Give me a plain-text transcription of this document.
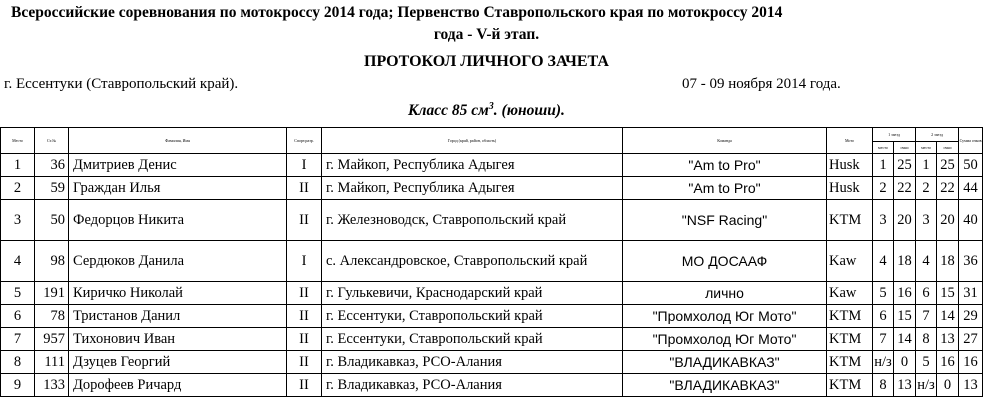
Всероссийские соревнования по мотокроссу 2014 года; Первенство Ставропольского края по мотокроссу 2014
года - V-й этап.
ПРОТОКОЛ ЛИЧНОГО ЗАЧЕТА
г. Ессентуки (Ставропольский край).	07 - 09 ноября 2014 года.
Класс 85 $см^3$. (юноши).
Место	Ст.№	Фамилия, Имя	Спорт.разр.	Город (край, район, область)	Команда	Мото	1 заезд		2 заезд		Сумма очков
							место	очки	место	очки	
1	36	Дмитриев Денис	I	г. Майкоп, Республика Адыгея	"Am to Pro"	Husk	1	25	1	25	50
2	59	Граждан Илья	II	г. Майкоп, Республика Адыгея	"Am to Pro"	Husk	2	22	2	22	44
3	50	Федорцов Никита	II	г. Железноводск, Ставропольский край	"NSF Racing"	KTM	3	20	3	20	40
4	98	Сердюков Данила	I	с. Александровское, Ставропольский край	МО ДОСААФ	Kaw	4	18	4	18	36
5	191	Киричко Николай	II	г. Гулькевичи, Краснодарский край	лично	Kaw	5	16	6	15	31
6	78	Тристанов Данил	II	г. Ессентуки, Ставропольский край	"Промхолод Юг Мото"	KTM	6	15	7	14	29
7	957	Тихонович Иван	II	г. Ессентуки, Ставропольский край	"Промхолод Юг Мото"	KTM	7	14	8	13	27
8	111	Дзуцев Георгий	II	г. Владикавказ, РСО-Алания	"ВЛАДИКАВКАЗ"	KTM	н/з	0	5	16	16
9	133	Дорофеев Ричард	II	г. Владикавказ, РСО-Алания	"ВЛАДИКАВКАЗ"	KTM	8	13	н/з	0	13
